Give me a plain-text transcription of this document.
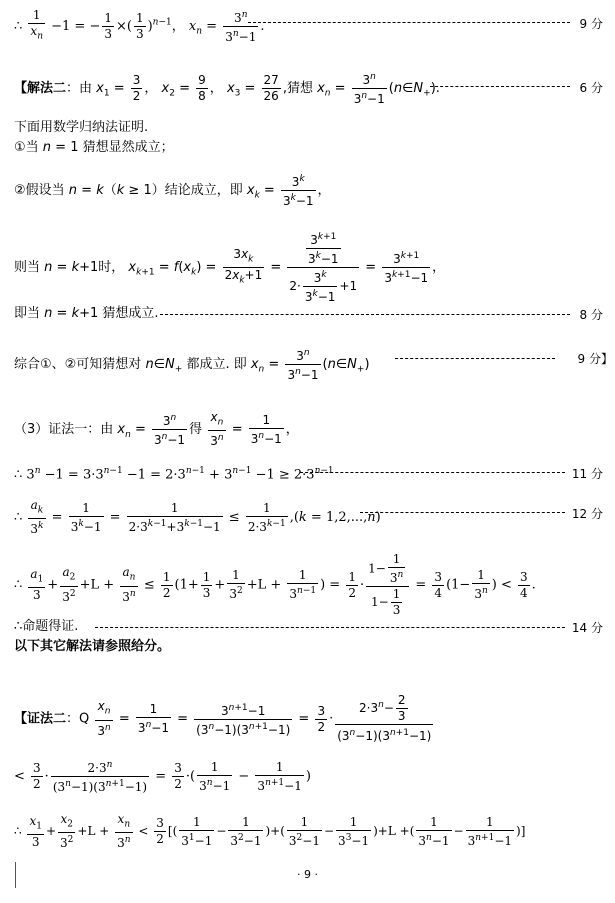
∴ $\frac{1}{x_n} -1$ = − $\frac{1}{3}$ ×( $\frac{1}{3} )^{n-1}$， $x_n = \frac{3^n}{3^n-1}$ .	9 分
【解法二：由 $x_1 = \frac{3}{2}$ ， $x_2 = \frac{9}{8}$ ， $x_3 = \frac{27}{26}$ ,猜想 $x_n = \frac{3^n}{3^n-1}$ $(n\in N_+)$.	6 分
下面用数学归纳法证明.
①当 n = 1 猜想显然成立；
②假设当 n = k（k ≥ 1）结论成立，即 $x_k = \frac{3^k}{3^k-1}$ ，
则当 n = k+1时， $x_{k+1} = f(x_k) = \frac{3x_k}{2x_k+1} = \frac{\frac{3^{k+1}}{3^k-1}}{2\cdot \frac{3^k}{3^k-1} +1} = \frac{3^{k+1}}{3^{k+1}-1}$ ，
即当 n = k+1 猜想成立.	8 分
综合①、②可知猜想对 $n\in N_+$ 都成立. 即 $x_n = \frac{3^n}{3^n-1}$ $(n\in N_+)$	9 分】
（3）证法一：由 $x_n = \frac{3^n}{3^n-1}$ 得 $\frac{x_n}{3^n} = \frac{1}{3^n-1}$ ，
∴ $3^n -1 = 3\cdot 3^{n-1} -1 = 2\cdot 3^{n-1} + 3^{n-1} -1 \ge 2\cdot 3^{n-1}$	11 分
∴ $\frac{a_k}{3^k} = \frac{1}{3^k-1} = \frac{1}{2\cdot 3^{k-1}+3^{k-1}-1} \le \frac{1}{2\cdot 3^{k-1}} ,(k = 1,2,...,n)$	12 分
∴ $\frac{a_1}{3} + \frac{a_2}{3^2} +L + \frac{a_n}{3^n} \le \frac{1}{2} (1+ \frac{1}{3} + \frac{1}{3^2} +L + \frac{1}{3^{n-1}}$ ) = $\frac{1}{2} \cdot \frac{1- \frac{1}{3^n}}{1- \frac{1}{3}} = \frac{3}{4} (1- \frac{1}{3^n}$ ) < $\frac{3}{4}$ .
∴命题得证.	14 分
以下其它解法请参照给分。
【证法二：Q $\frac{x_n}{3^n} = \frac{1}{3^n-1} = \frac{3^{n+1}-1}{(3^n-1)(3^{n+1}-1)} = \frac{3}{2} \cdot \frac{2\cdot 3^n- \frac{2}{3}}{(3^n-1)(3^{n+1}-1)}$
< $\frac{3}{2} \cdot \frac{2\cdot 3^n}{(3^n-1)(3^{n+1}-1)} = \frac{3}{2}$ ·( $\frac{1}{3^n-1} - \frac{1}{3^{n+1}-1}$ )
∴ $\frac{x_1}{3} + \frac{x_2}{3^2} +L + \frac{x_n}{3^n} < \frac{3}{2}$ [( $\frac{1}{3^1-1} - \frac{1}{3^2-1}$ )+( $\frac{1}{3^2-1} - \frac{1}{3^3-1} )+L$ +( $\frac{1}{3^n-1} - \frac{1}{3^{n+1}-1}$ )]
· 9 ·
